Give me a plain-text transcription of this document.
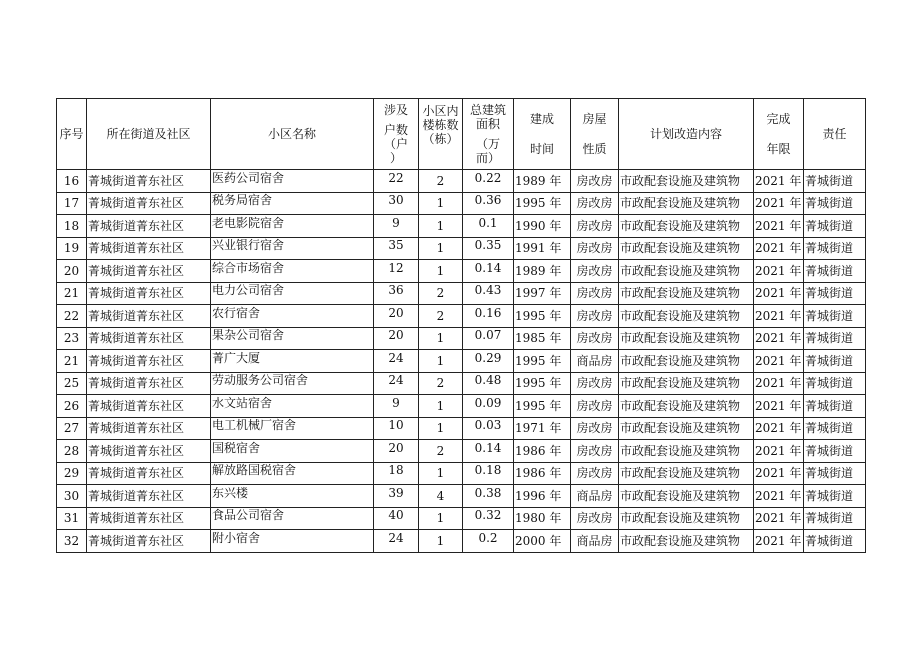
序号	所在街道及社区	小区名称	涉及
户数
（户
）	小区内
楼栋数
（栋）	总建筑
面积
（万
而）	建成
时间	房屋
性质	计划改造内容	完成
年限	责任
16	菁城街道菁东社区	医药公司宿舍	22	2	0.22	1989 年	房改房	市政配套设施及建筑物	2021 年	菁城街道
17	菁城街道菁东社区	税务局宿舍	30	1	0.36	1995 年	房改房	市政配套设施及建筑物	2021 年	菁城街道
18	菁城街道菁东社区	老电影院宿舍	9	1	0.1	1990 年	房改房	市政配套设施及建筑物	2021 年	菁城街道
19	菁城街道菁东社区	兴业银行宿舍	35	1	0.35	1991 年	房改房	市政配套设施及建筑物	2021 年	菁城街道
20	菁城街道菁东社区	综合市场宿舍	12	1	0.14	1989 年	房改房	市政配套设施及建筑物	2021 年	菁城街道
21	菁城街道菁东社区	电力公司宿舍	36	2	0.43	1997 年	房改房	市政配套设施及建筑物	2021 年	菁城街道
22	菁城街道菁东社区	农行宿舍	20	2	0.16	1995 年	房改房	市政配套设施及建筑物	2021 年	菁城街道
23	菁城街道菁东社区	果杂公司宿舍	20	1	0.07	1985 年	房改房	市政配套设施及建筑物	2021 年	菁城街道
21	菁城街道菁东社区	菁广大厦	24	1	0.29	1995 年	商品房	市政配套设施及建筑物	2021 年	菁城街道
25	菁城街道菁东社区	劳动服务公司宿舍	24	2	0.48	1995 年	房改房	市政配套设施及建筑物	2021 年	菁城街道
26	菁城街道菁东社区	水文站宿舍	9	1	0.09	1995 年	房改房	市政配套设施及建筑物	2021 年	菁城街道
27	菁城街道菁东社区	电工机械厂宿舍	10	1	0.03	1971 年	房改房	市政配套设施及建筑物	2021 年	菁城街道
28	菁城街道菁东社区	国税宿舍	20	2	0.14	1986 年	房改房	市政配套设施及建筑物	2021 年	菁城街道
29	菁城街道菁东社区	解放路国税宿舍	18	1	0.18	1986 年	房改房	市政配套设施及建筑物	2021 年	菁城街道
30	菁城街道菁东社区	东兴楼	39	4	0.38	1996 年	商品房	市政配套设施及建筑物	2021 年	菁城街道
31	菁城街道菁东社区	食品公司宿舍	40	1	0.32	1980 年	房改房	市政配套设施及建筑物	2021 年	菁城街道
32	菁城街道菁东社区	附小宿舍	24	1	0.2	2000 年	商品房	市政配套设施及建筑物	2021 年	菁城街道
